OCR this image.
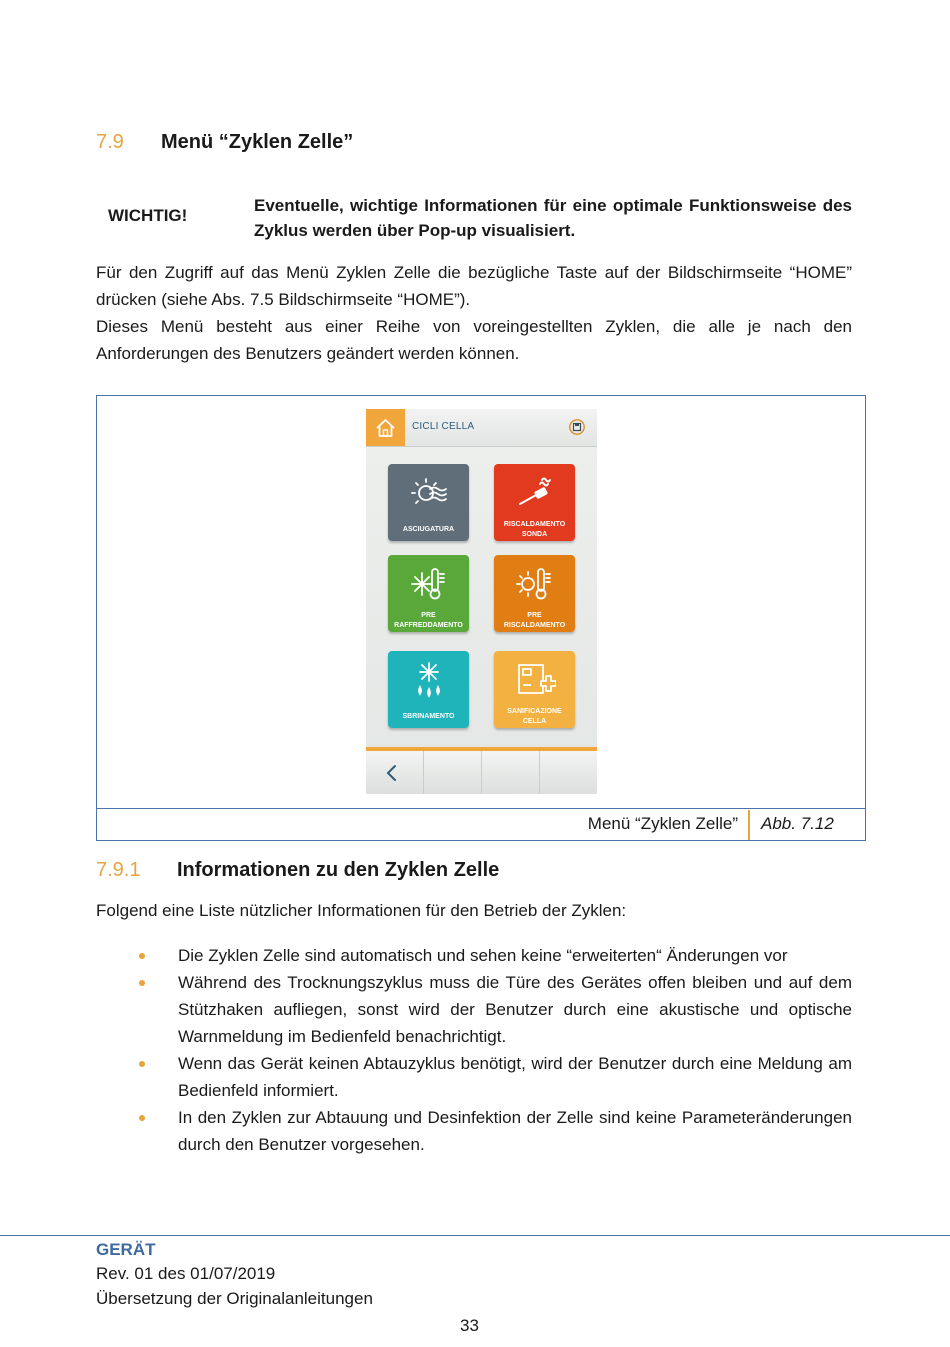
7.9 Menü “Zyklen Zelle”
WICHTIG!
Eventuelle, wichtige Informationen für eine optimale Funktionsweise des Zyklus werden über Pop-up visualisiert.

Für den Zugriff auf das Menü Zyklen Zelle die bezügliche Taste auf der Bildschirmseite “HOME” drücken (siehe Abs. 7.5 Bildschirmseite “HOME”).

Dieses Menü besteht aus einer Reihe von voreingestellten Zyklen, die alle je nach den Anforderungen des Benutzers geändert werden können.

Menü “Zyklen Zelle” Abb. 7.12
CICLI CELLA
ASCIUGATURA
RISCALDAMENTO
SONDA
PRE
RAFFREDDAMENTO
PRE
RISCALDAMENTO
SBRINAMENTO
SANIFICAZIONE
CELLA
7.9.1 Informationen zu den Zyklen Zelle
Folgend eine Liste nützlicher Informationen für den Betrieb der Zyklen:
Die Zyklen Zelle sind automatisch und sehen keine “erweiterten“ Änderungen vor
Während des Trocknungszyklus muss die Türe des Gerätes offen bleiben und auf dem Stützhaken aufliegen, sonst wird der Benutzer durch eine akustische und optische Warnmeldung im Bedienfeld benachrichtigt.
Wenn das Gerät keinen Abtauzyklus benötigt, wird der Benutzer durch eine Meldung am Bedienfeld informiert.
In den Zyklen zur Abtauung und Desinfektion der Zelle sind keine Parameteränderungen durch den Benutzer vorgesehen.
GERÄT
Rev. 01 des 01/07/2019
Übersetzung der Originalanleitungen
33
